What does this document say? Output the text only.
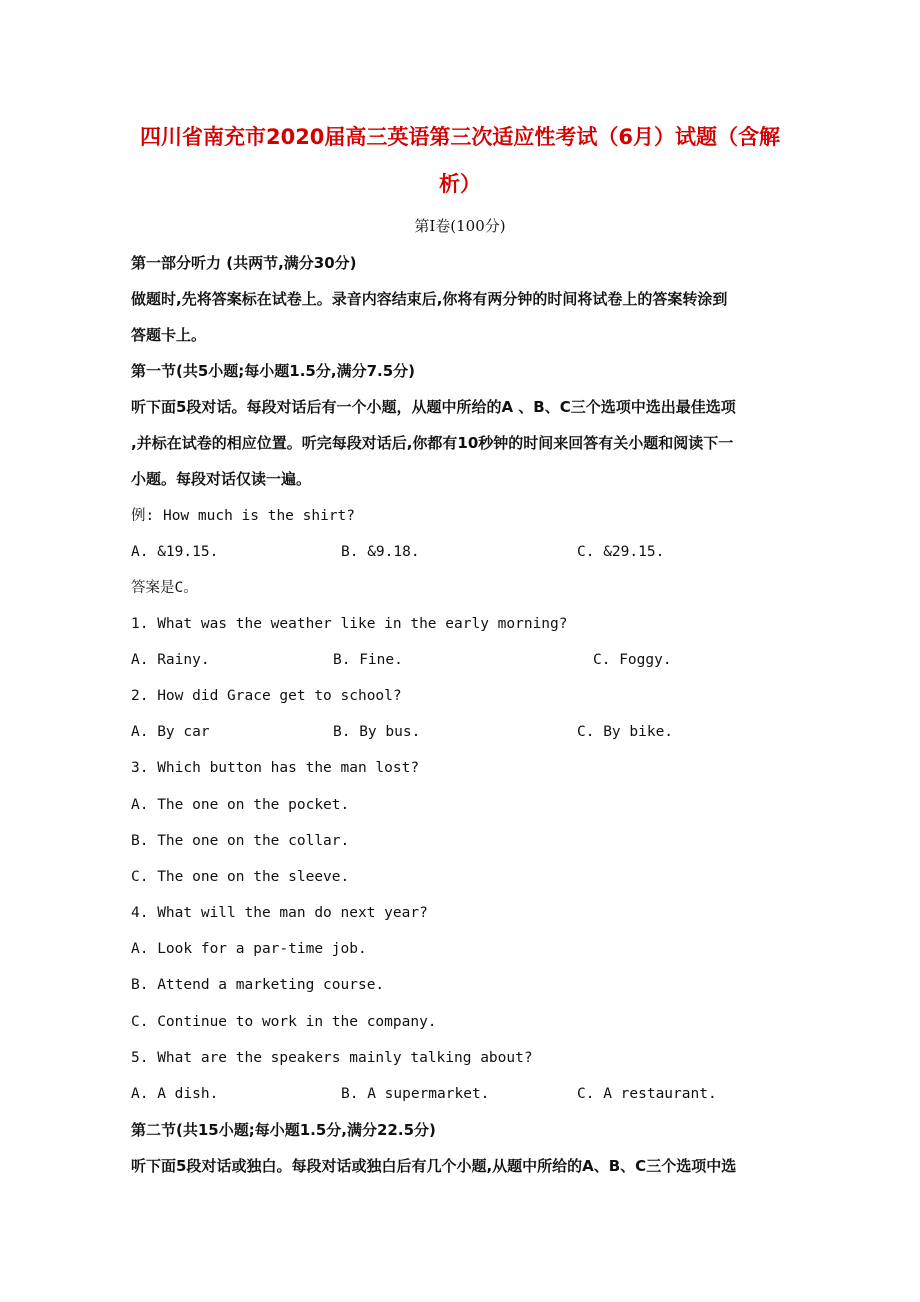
四川省南充市2020届高三英语第三次适应性考试（6月）试题（含解
析）
第I卷(100分)
第一部分听力 (共两节,满分30分)
做题时,先将答案标在试卷上。录音内容结束后,你将有两分钟的时间将试卷上的答案转涂到
答题卡上。
第一节(共5小题;每小题1.5分,满分7.5分)
听下面5段对话。每段对话后有一个小题，从题中所给的A 、B、C三个选项中选出最佳选项
,并标在试卷的相应位置。听完每段对话后,你都有10秒钟的时间来回答有关小题和阅读下一
小题。每段对话仅读一遍。
例: How much is the shirt?
A. &19.15.	B. &9.18.	C. &29.15.
答案是C。
1. What was the weather like in the early morning?
A. Rainy.	B. Fine.	C. Foggy.
2. How did Grace get to school?
A. By car	B. By bus.	C. By bike.
3. Which button has the man lost?
A. The one on the pocket.
B. The one on the collar.
C. The one on the sleeve.
4. What will the man do next year?
A. Look for a par-time job.
B. Attend a marketing course.
C. Continue to work in the company.
5. What are the speakers mainly talking about?
A. A dish.	B. A supermarket.	C. A restaurant.
第二节(共15小题;每小题1.5分,满分22.5分)
听下面5段对话或独白。每段对话或独白后有几个小题,从题中所给的A、B、C三个选项中选
